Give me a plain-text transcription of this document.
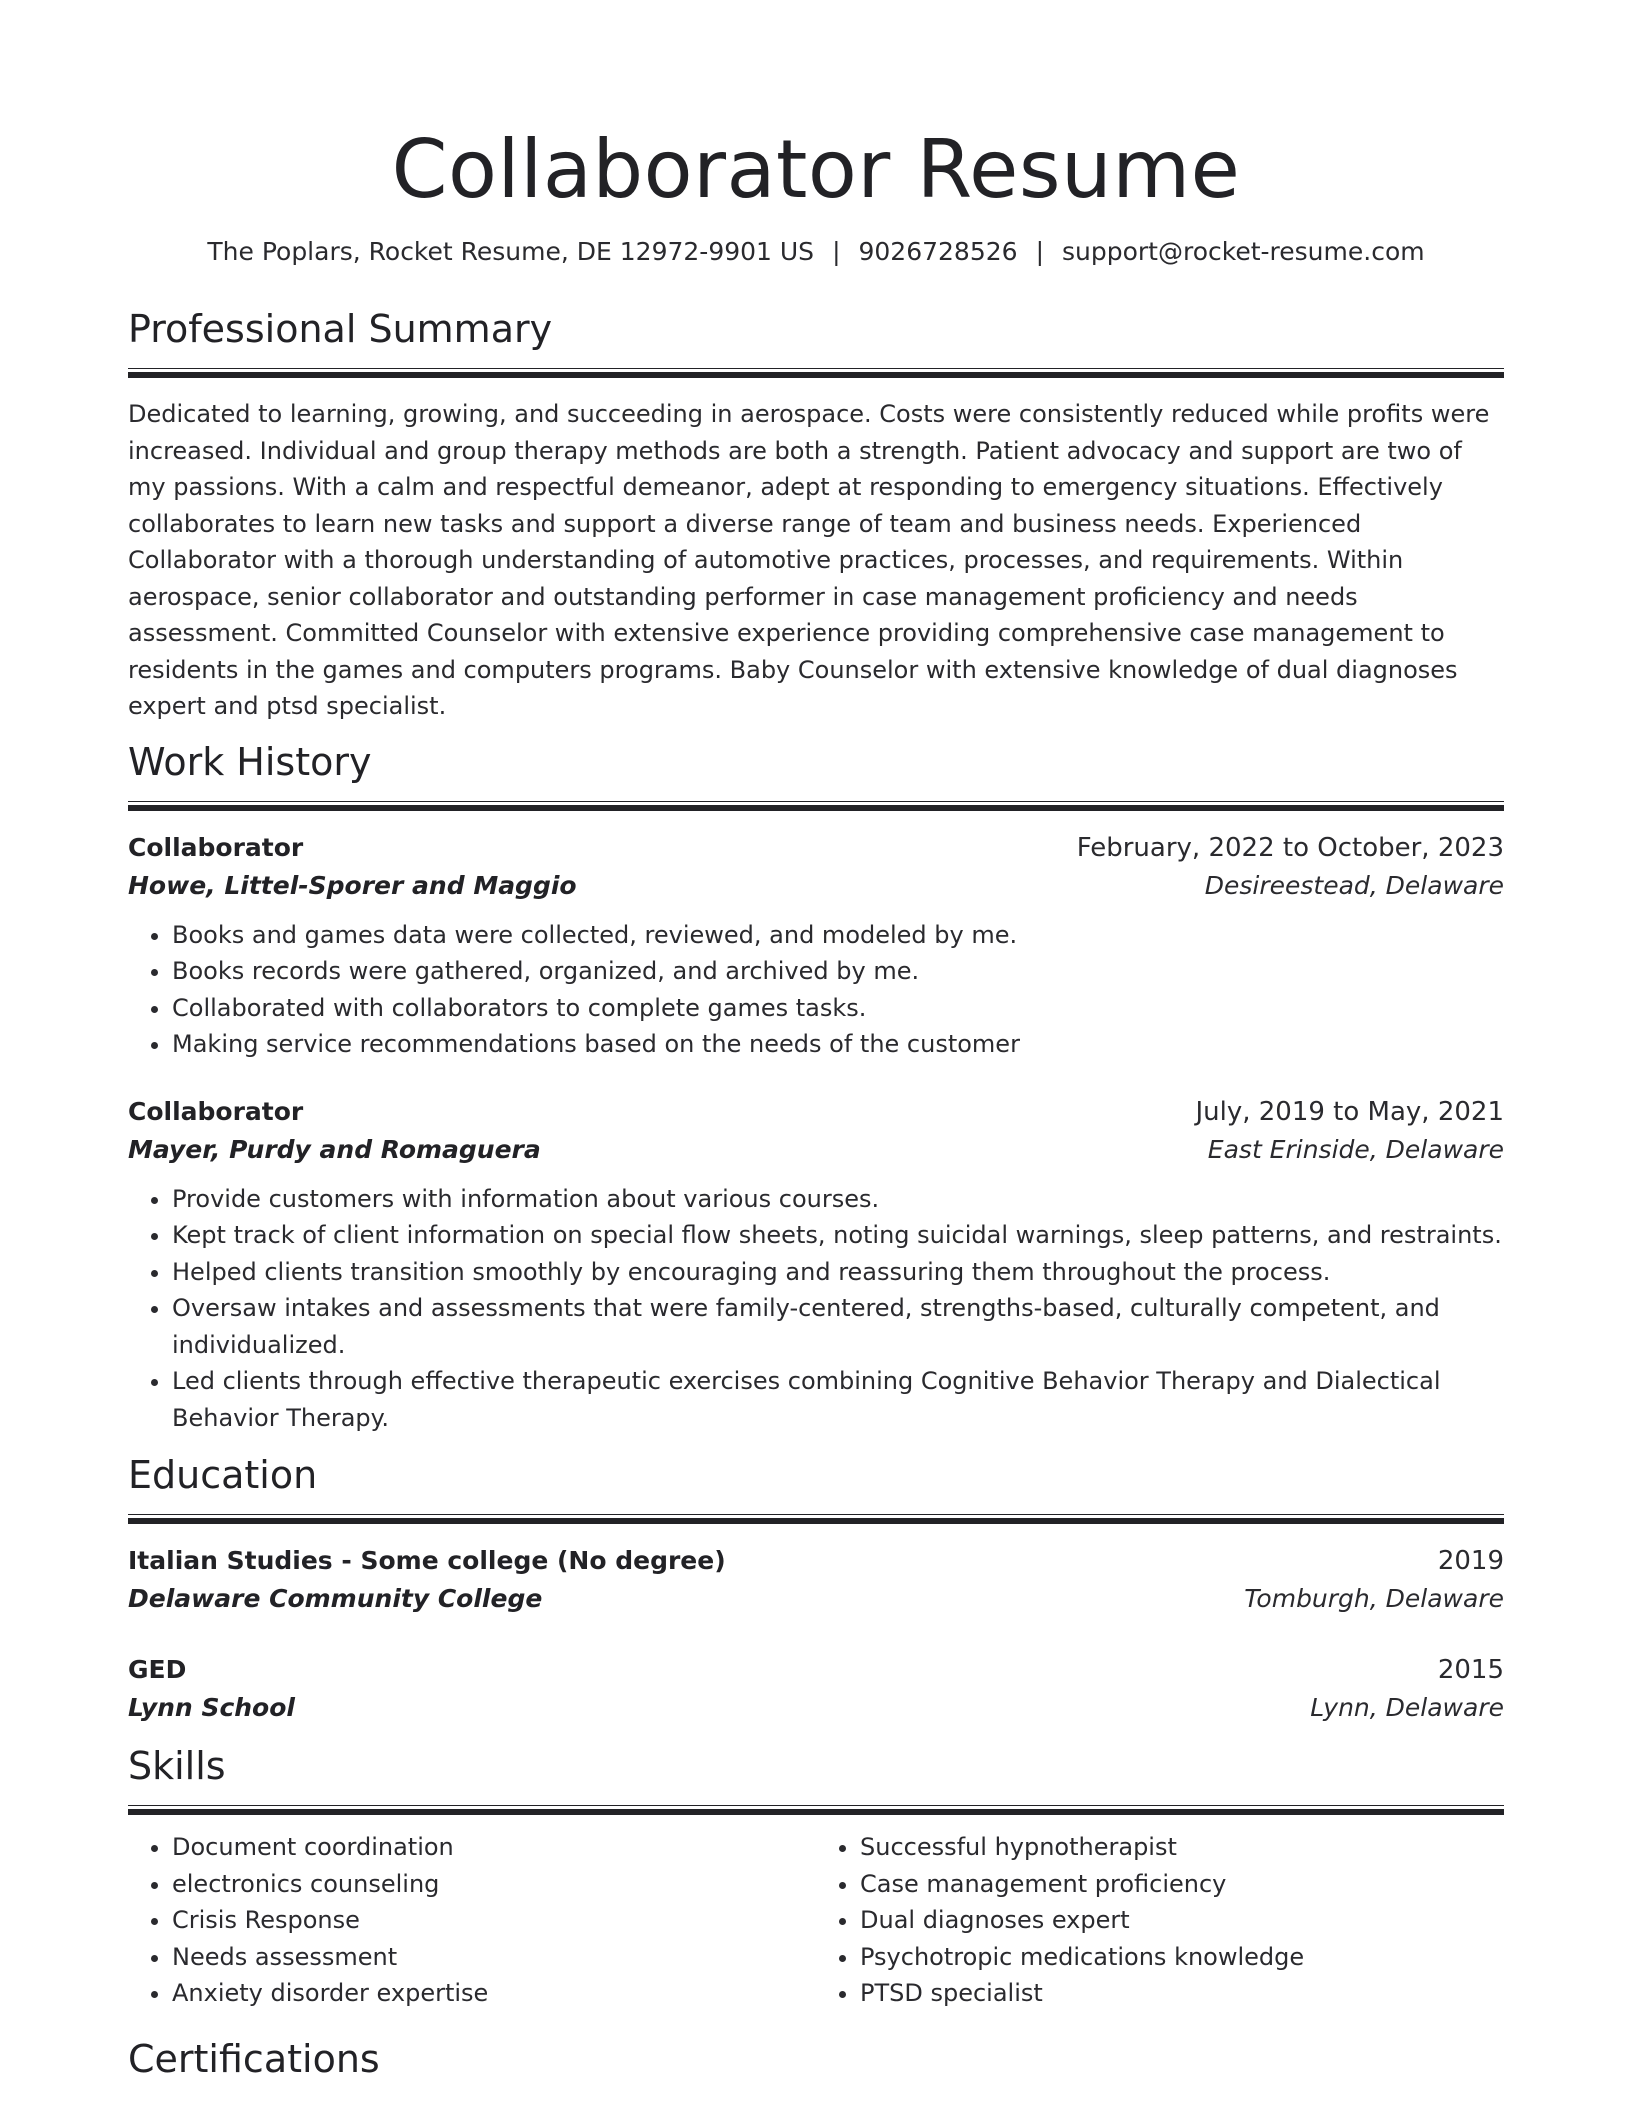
Collaborator Resume
The Poplars, Rocket Resume, DE 12972-9901 US | 9026728526 | support@rocket-resume.com
Professional Summary

Dedicated to learning, growing, and succeeding in aerospace. Costs were consistently reduced while profits were increased. Individual and group therapy methods are both a strength. Patient advocacy and support are two of my passions. With a calm and respectful demeanor, adept at responding to emergency situations. Effectively collaborates to learn new tasks and support a diverse range of team and business needs. Experienced Collaborator with a thorough understanding of automotive practices, processes, and requirements. Within aerospace, senior collaborator and outstanding performer in case management proficiency and needs assessment. Committed Counselor with extensive experience providing comprehensive case management to residents in the games and computers programs. Baby Counselor with extensive knowledge of dual diagnoses expert and ptsd specialist.

Work History
Collaborator	February, 2022 to October, 2023
Howe, Littel-Sporer and Maggio	Desireestead, Delaware
• Books and games data were collected, reviewed, and modeled by me.
• Books records were gathered, organized, and archived by me.
• Collaborated with collaborators to complete games tasks.
• Making service recommendations based on the needs of the customer
Collaborator	July, 2019 to May, 2021
Mayer, Purdy and Romaguera	East Erinside, Delaware
• Provide customers with information about various courses.
• Kept track of client information on special flow sheets, noting suicidal warnings, sleep patterns, and restraints.
• Helped clients transition smoothly by encouraging and reassuring them throughout the process.
• Oversaw intakes and assessments that were family-centered, strengths-based, culturally competent, and individualized.
• Led clients through effective therapeutic exercises combining Cognitive Behavior Therapy and Dialectical Behavior Therapy.
Education
Italian Studies - Some college (No degree)	2019
Delaware Community College	Tomburgh, Delaware
GED	2015
Lynn School	Lynn, Delaware
Skills
• Document coordination
• electronics counseling
• Crisis Response
• Needs assessment
• Anxiety disorder expertise
• Successful hypnotherapist
• Case management proficiency
• Dual diagnoses expert
• Psychotropic medications knowledge
• PTSD specialist
Certifications
